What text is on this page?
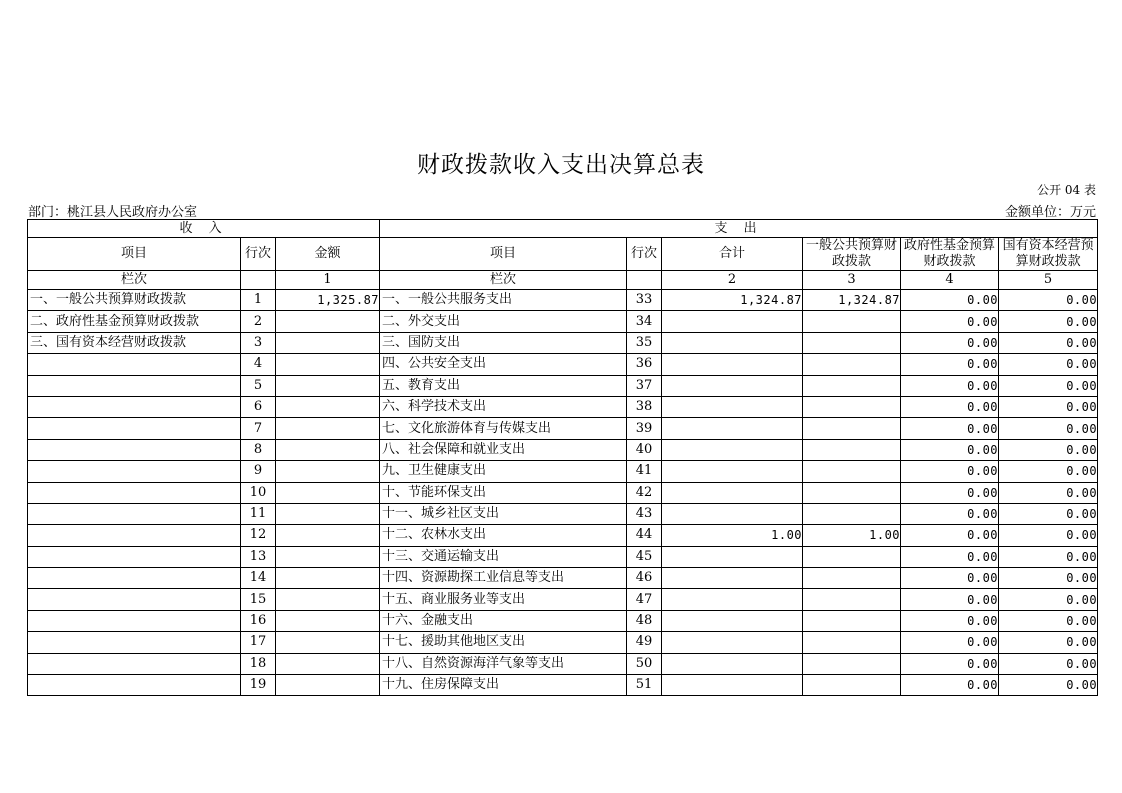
财政拨款收入支出决算总表
公开 04 表
部门：桃江县人民政府办公室	金额单位：万元
收 入			支 出					
项目	行次	金额	项目	行次	合计	一般公共预算财政拨款	政府性基金预算财政拨款	国有资本经营预算财政拨款
栏次		1	栏次		2	3	4	5
一、一般公共预算财政拨款	1	1,325.87	一、一般公共服务支出	33	1,324.87	1,324.87	0.00	0.00
二、政府性基金预算财政拨款	2		二、外交支出	34			0.00	0.00
三、国有资本经营财政拨款	3		三、国防支出	35			0.00	0.00
	4		四、公共安全支出	36			0.00	0.00
	5		五、教育支出	37			0.00	0.00
	6		六、科学技术支出	38			0.00	0.00
	7		七、文化旅游体育与传媒支出	39			0.00	0.00
	8		八、社会保障和就业支出	40			0.00	0.00
	9		九、卫生健康支出	41			0.00	0.00
	10		十、节能环保支出	42			0.00	0.00
	11		十一、城乡社区支出	43			0.00	0.00
	12		十二、农林水支出	44	1.00	1.00	0.00	0.00
	13		十三、交通运输支出	45			0.00	0.00
	14		十四、资源勘探工业信息等支出	46			0.00	0.00
	15		十五、商业服务业等支出	47			0.00	0.00
	16		十六、金融支出	48			0.00	0.00
	17		十七、援助其他地区支出	49			0.00	0.00
	18		十八、自然资源海洋气象等支出	50			0.00	0.00
	19		十九、住房保障支出	51			0.00	0.00
